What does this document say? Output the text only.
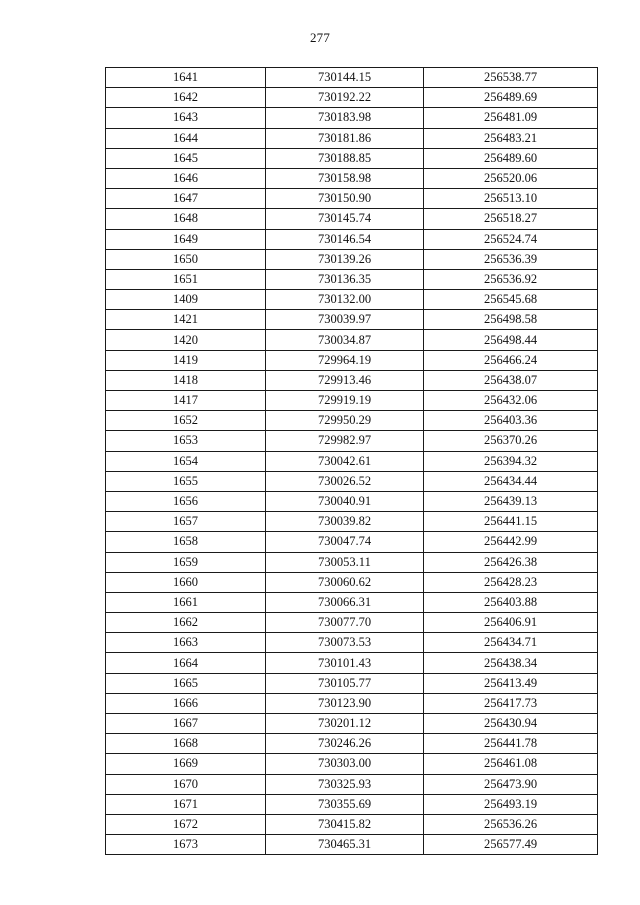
277
1641	730144.15	256538.77
1642	730192.22	256489.69
1643	730183.98	256481.09
1644	730181.86	256483.21
1645	730188.85	256489.60
1646	730158.98	256520.06
1647	730150.90	256513.10
1648	730145.74	256518.27
1649	730146.54	256524.74
1650	730139.26	256536.39
1651	730136.35	256536.92
1409	730132.00	256545.68
1421	730039.97	256498.58
1420	730034.87	256498.44
1419	729964.19	256466.24
1418	729913.46	256438.07
1417	729919.19	256432.06
1652	729950.29	256403.36
1653	729982.97	256370.26
1654	730042.61	256394.32
1655	730026.52	256434.44
1656	730040.91	256439.13
1657	730039.82	256441.15
1658	730047.74	256442.99
1659	730053.11	256426.38
1660	730060.62	256428.23
1661	730066.31	256403.88
1662	730077.70	256406.91
1663	730073.53	256434.71
1664	730101.43	256438.34
1665	730105.77	256413.49
1666	730123.90	256417.73
1667	730201.12	256430.94
1668	730246.26	256441.78
1669	730303.00	256461.08
1670	730325.93	256473.90
1671	730355.69	256493.19
1672	730415.82	256536.26
1673	730465.31	256577.49
